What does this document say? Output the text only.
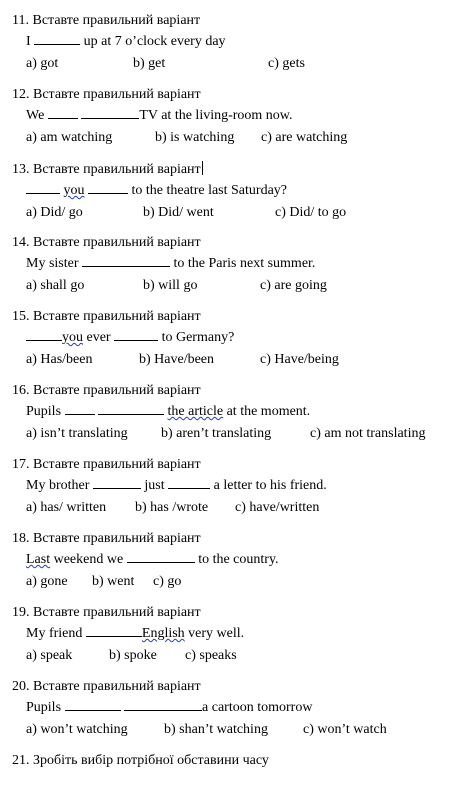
11. Вставте правильний варіант
I	up at 7 o’clock every day
a) got	b) get	c) gets
12. Вставте правильний варіант
We	TV at the living-room now.
a) am watching	b) is watching c) are watching
13. Вставте правильний варіант
you	to the theatre last Saturday?
a) Did/ go	b) Did/ went	c) Did/ to go
14. Вставте правильний варіант
My sister	to the Paris next summer.
a) shall go	b) will go	c) are going
15. Вставте правильний варіант
you ever	to Germany?
a) Has/been	b) Have/been	c) Have/being
16. Вставте правильний варіант
Pupils	the article at the moment.
a) isn’t translating b) aren’t translating	c) am not translating
17. Вставте правильний варіант
My brother	just	a letter to his friend.
a) has/ written b) has /wrote c) have/written
18. Вставте правильний варіант
Last weekend we	to the country.
a) gone b) went c) go
19. Вставте правильний варіант
My friend	English very well.
a) speak	b) spoke c) speaks
20. Вставте правильний варіант
Pupils	a cartoon tomorrow
a) won’t watching	b) shan’t watching	c) won’t watch
21. Зробіть вибір потрібної обставини часу
